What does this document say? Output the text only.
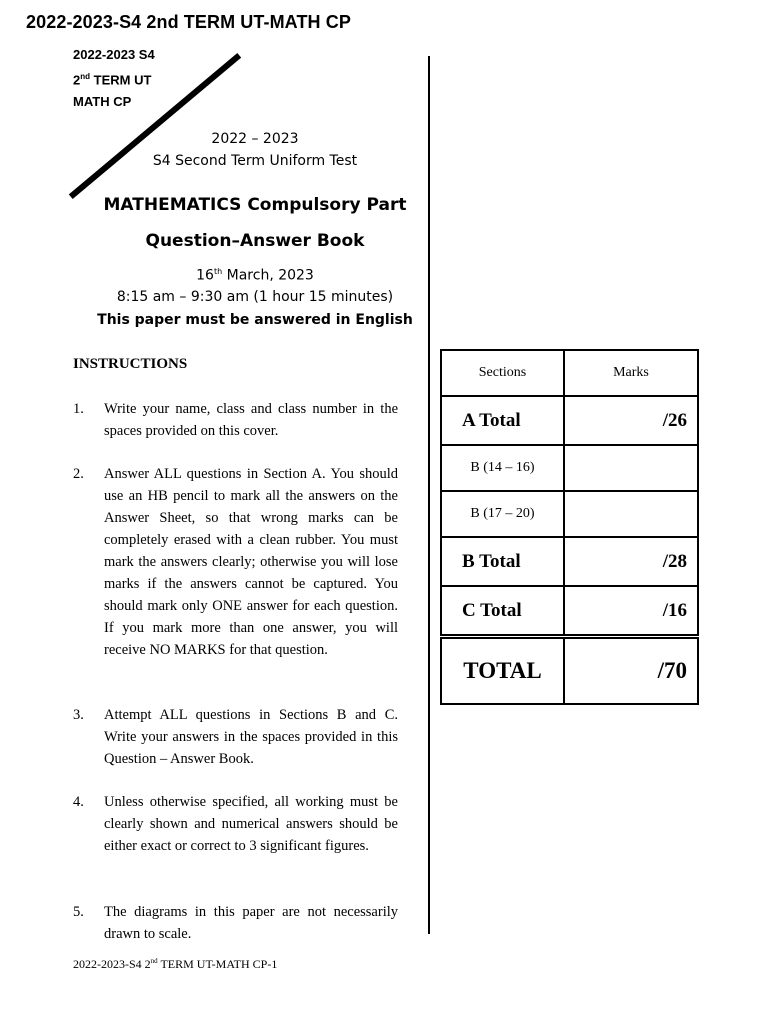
2022-2023-S4 2nd TERM UT-MATH CP
2022-2023 S4
2nd TERM UT
MATH CP
2022 – 2023
S4 Second Term Uniform Test
MATHEMATICS Compulsory Part
Question–Answer Book
16th March, 2023
8:15 am – 9:30 am (1 hour 15 minutes)
This paper must be answered in English
INSTRUCTIONS
1. Write your name, class and class number in the spaces provided on this cover.
2. Answer ALL questions in Section A. You should use an HB pencil to mark all the answers on the Answer Sheet, so that wrong marks can be completely erased with a clean rubber. You must mark the answers clearly; otherwise you will lose marks if the answers cannot be captured. You should mark only ONE answer for each question. If you mark more than one answer, you will receive NO MARKS for that question.
3. Attempt ALL questions in Sections B and C. Write your answers in the spaces provided in this Question – Answer Book.
4. Unless otherwise specified, all working must be clearly shown and numerical answers should be either exact or correct to 3 significant figures.
5. The diagrams in this paper are not necessarily drawn to scale.
Sections	Marks
A Total	/26
B (14 – 16)	
B (17 – 20)	
B Total	/28
C Total	/16
TOTAL	/70
2022-2023-S4 2nd TERM UT-MATH CP-1
